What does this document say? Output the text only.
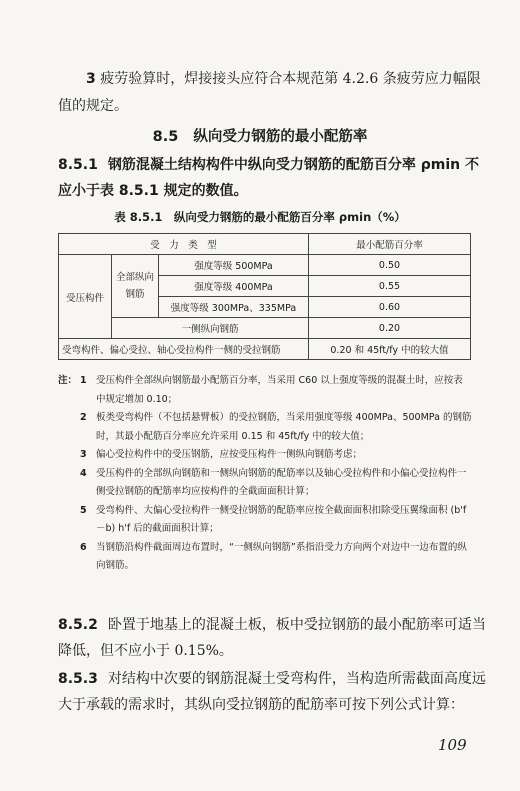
3 疲劳验算时，焊接接头应符合本规范第 4.2.6 条疲劳应力幅限值的规定。

8.5 纵向受力钢筋的最小配筋率

8.5.1 钢筋混凝土结构构件中纵向受力钢筋的配筋百分率 ρmin 不应小于表 8.5.1 规定的数值。

表 8.5.1　纵向受力钢筋的最小配筋百分率 ρmin（%）
受　力　类　型			最小配筋百分率
受压构件	全部纵向钢筋	强度等级 500MPa	0.50
		强度等级 400MPa	0.55
		强度等级 300MPa、335MPa	0.60
	一侧纵向钢筋		0.20
受弯构件、偏心受拉、轴心受拉构件一侧的受拉钢筋			0.20 和 45ft/fy 中的较大值
注： 1 受压构件全部纵向钢筋最小配筋百分率，当采用 C60 以上强度等级的混凝土时，应按表中规定增加 0.10；
2 板类受弯构件（不包括悬臂板）的受拉钢筋，当采用强度等级 400MPa、500MPa 的钢筋时，其最小配筋百分率应允许采用 0.15 和 45ft/fy 中的较大值；
3 偏心受拉构件中的受压钢筋，应按受压构件一侧纵向钢筋考虑；
4 受压构件的全部纵向钢筋和一侧纵向钢筋的配筋率以及轴心受拉构件和小偏心受拉构件一侧受拉钢筋的配筋率均应按构件的全截面面积计算；
5 受弯构件、大偏心受拉构件一侧受拉钢筋的配筋率应按全截面面积扣除受压翼缘面积 (b'f－b) h'f 后的截面面积计算；
6 当钢筋沿构件截面周边布置时，“一侧纵向钢筋”系指沿受力方向两个对边中一边布置的纵向钢筋。

8.5.2 卧置于地基上的混凝土板，板中受拉钢筋的最小配筋率可适当降低，但不应小于 0.15%。

8.5.3 对结构中次要的钢筋混凝土受弯构件，当构造所需截面高度远大于承载的需求时，其纵向受拉钢筋的配筋率可按下列公式计算：

109
